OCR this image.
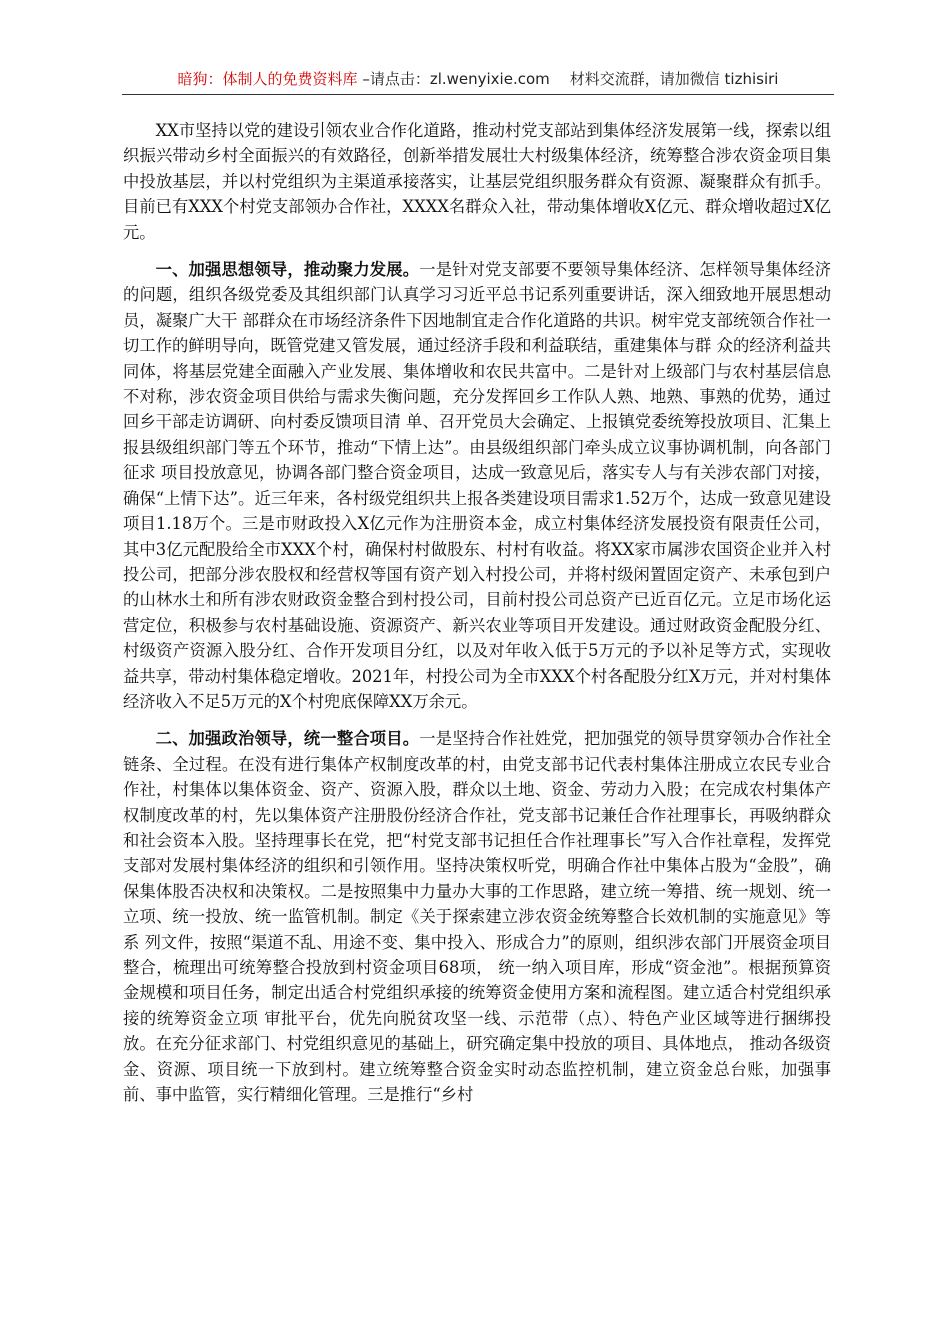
暗狗：体制人的免费资料库 –请点击：zl.wenyixie.com 材料交流群，请加微信 tizhisiri

XX市坚持以党的建设引领农业合作化道路，推动村党支部站到集体经济发展第一线，探索以组织振兴带动乡村全面振兴的有效路径，创新举措发展壮大村级集体经济，统筹整合涉农资金项目集中投放基层，并以村党组织为主渠道承接落实，让基层党组织服务群众有资源、凝聚群众有抓手。目前已有XXX个村党支部领办合作社，XXXX名群众入社，带动集体增收X亿元、群众增收超过X亿元。

一、加强思想领导，推动聚力发展。一是针对党支部要不要领导集体经济、怎样领导集体经济的问题，组织各级党委及其组织部门认真学习习近平总书记系列重要讲话，深入细致地开展思想动员，凝聚广大干 部群众在市场经济条件下因地制宜走合作化道路的共识。树牢党支部统领合作社一切工作的鲜明导向，既管党建又管发展，通过经济手段和利益联结，重建集体与群 众的经济利益共同体，将基层党建全面融入产业发展、集体增收和农民共富中。二是针对上级部门与农村基层信息不对称，涉农资金项目供给与需求失衡问题，充分发挥回乡工作队人熟、地熟、事熟的优势，通过回乡干部走访调研、向村委反馈项目清 单、召开党员大会确定、上报镇党委统筹投放项目、汇集上报县级组织部门等五个环节，推动“下情上达”。由县级组织部门牵头成立议事协调机制，向各部门征求 项目投放意见，协调各部门整合资金项目，达成一致意见后，落实专人与有关涉农部门对接，确保“上情下达”。近三年来，各村级党组织共上报各类建设项目需求1.52万个，达成一致意见建设项目1.18万个。三是市财政投入X亿元作为注册资本金，成立村集体经济发展投资有限责任公司，其中3亿元配股给全市XXX个村，确保村村做股东、村村有收益。将XX家市属涉农国资企业并入村投公司，把部分涉农股权和经营权等国有资产划入村投公司，并将村级闲置固定资产、未承包到户的山林水土和所有涉农财政资金整合到村投公司，目前村投公司总资产已近百亿元。立足市场化运营定位，积极参与农村基础设施、资源资产、新兴农业等项目开发建设。通过财政资金配股分红、村级资产资源入股分红、合作开发项目分红，以及对年收入低于5万元的予以补足等方式，实现收益共享，带动村集体稳定增收。2021年，村投公司为全市XXX个村各配股分红X万元，并对村集体经济收入不足5万元的X个村兜底保障XX万余元。

二、加强政治领导，统一整合项目。一是坚持合作社姓党，把加强党的领导贯穿领办合作社全链条、全过程。在没有进行集体产权制度改革的村，由党支部书记代表村集体注册成立农民专业合作社，村集体以集体资金、资产、资源入股，群众以土地、资金、劳动力入股；在完成农村集体产权制度改革的村，先以集体资产注册股份经济合作社，党支部书记兼任合作社理事长，再吸纳群众和社会资本入股。坚持理事长在党，把“村党支部书记担任合作社理事长”写入合作社章程，发挥党支部对发展村集体经济的组织和引领作用。坚持决策权听党，明确合作社中集体占股为“金股”，确保集体股否决权和决策权。二是按照集中力量办大事的工作思路，建立统一筹措、统一规划、统一立项、统一投放、统一监管机制。制定《关于探索建立涉农资金统筹整合长效机制的实施意见》等系 列文件，按照“渠道不乱、用途不变、集中投入、形成合力”的原则，组织涉农部门开展资金项目整合，梳理出可统筹整合投放到村资金项目68项， 统一纳入项目库，形成“资金池”。根据预算资金规模和项目任务，制定出适合村党组织承接的统筹资金使用方案和流程图。建立适合村党组织承接的统筹资金立项 审批平台，优先向脱贫攻坚一线、示范带（点）、特色产业区域等进行捆绑投放。在充分征求部门、村党组织意见的基础上，研究确定集中投放的项目、具体地点， 推动各级资金、资源、项目统一下放到村。建立统筹整合资金实时动态监控机制，建立资金总台账，加强事前、事中监管，实行精细化管理。三是推行“乡村
